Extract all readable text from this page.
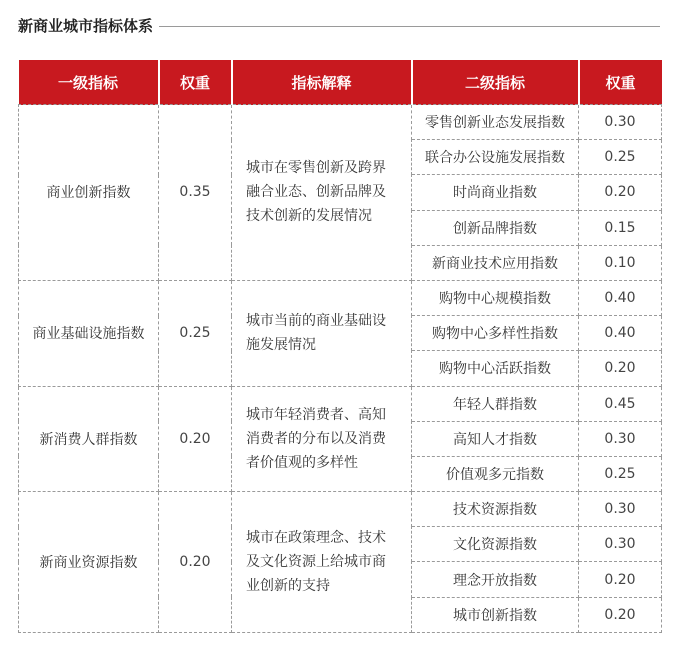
新商业城市指标体系
一级指标	权重	指标解释	二级指标	权重
商业创新指数	0.35	城市在零售创新及跨界融合业态、创新品牌及技术创新的发展情况	零售创新业态发展指数	0.30
			联合办公设施发展指数	0.25
			时尚商业指数	0.20
			创新品牌指数	0.15
			新商业技术应用指数	0.10
商业基础设施指数	0.25	城市当前的商业基础设施发展情况	购物中心规模指数	0.40
			购物中心多样性指数	0.40
			购物中心活跃指数	0.20
新消费人群指数	0.20	城市年轻消费者、高知消费者的分布以及消费者价值观的多样性	年轻人群指数	0.45
			高知人才指数	0.30
			价值观多元指数	0.25
新商业资源指数	0.20	城市在政策理念、技术及文化资源上给城市商业创新的支持	技术资源指数	0.30
			文化资源指数	0.30
			理念开放指数	0.20
			城市创新指数	0.20
